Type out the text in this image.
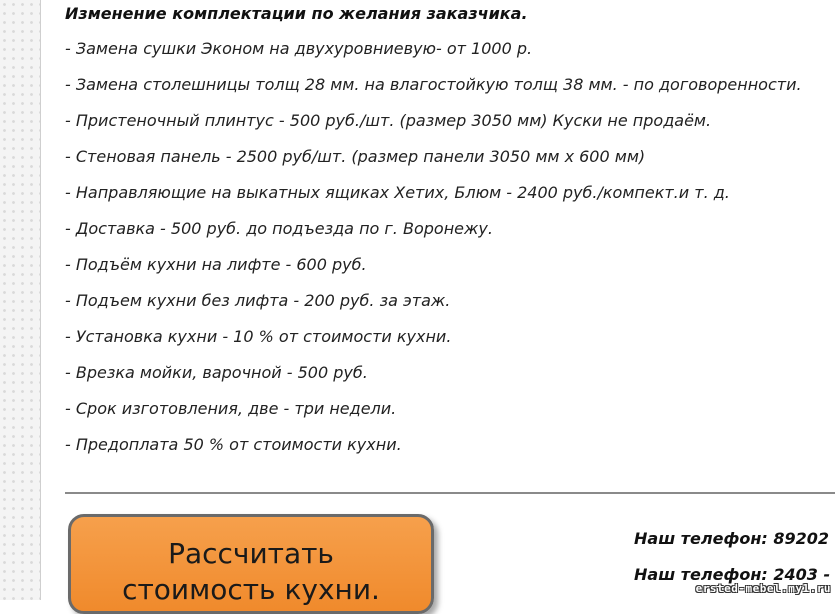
Изменение комплектации по желания заказчика.
- Замена сушки Эконом на двухуровниевую- от 1000 р.
- Замена столешницы толщ 28 мм. на влагостойкую толщ 38 мм. - по договоренности.
- Пристеночный плинтус - 500 руб./шт. (размер 3050 мм) Куски не продаём.
- Стеновая панель - 2500 руб/шт. (размер панели 3050 мм х 600 мм)
- Направляющие на выкатных ящиках Хетих, Блюм - 2400 руб./компект.и т. д.
- Доставка - 500 руб. до подъезда по г. Воронежу.
- Подъём кухни на лифте - 600 руб.
- Подъем кухни без лифта - 200 руб. за этаж.
- Установка кухни - 10 % от стоимости кухни.
- Врезка мойки, варочной - 500 руб.
- Срок изготовления, две - три недели.
- Предоплата 50 % от стоимости кухни.
Рассчитать
стоимость кухни.
Наш телефон: 89202
Наш телефон: 2403 -
ersted-mebel.my1.ru
